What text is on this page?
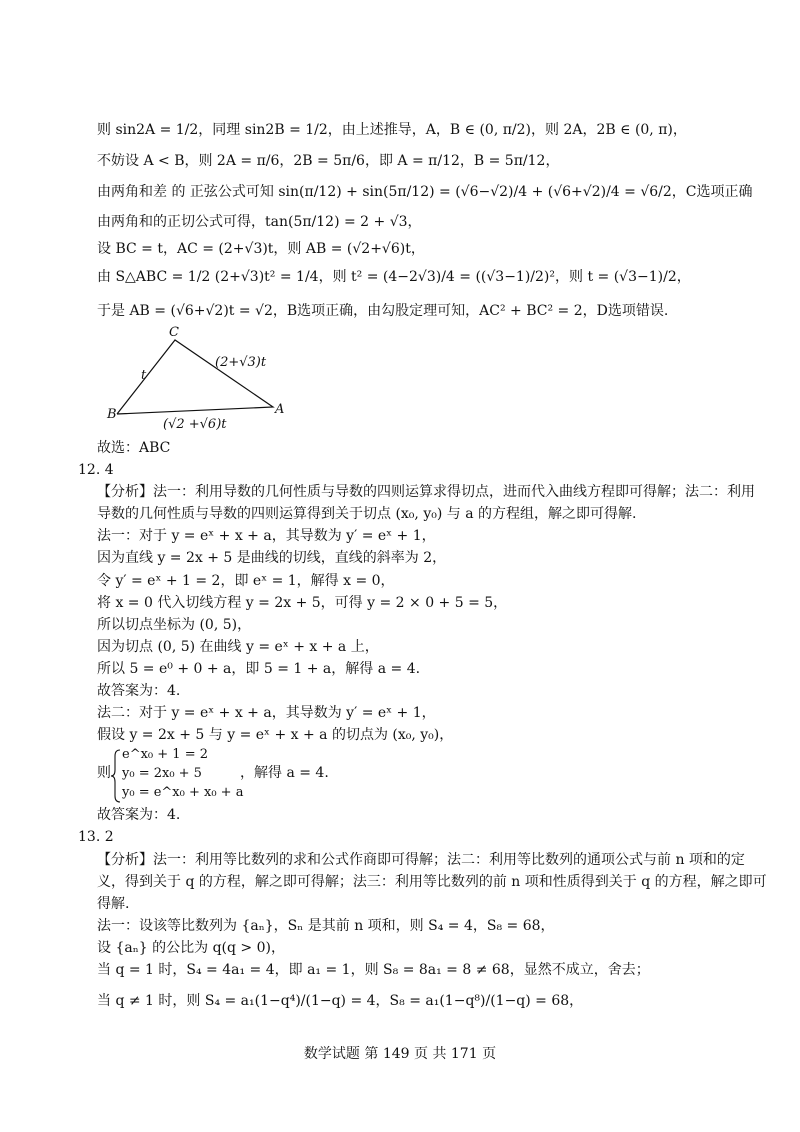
则 sin2A = 1/2，同理 sin2B = 1/2，由上述推导，A，B ∈ (0, π/2)，则 2A，2B ∈ (0, π)，
不妨设 A < B，则 2A = π/6，2B = 5π/6，即 A = π/12，B = 5π/12，
由两角和差 的 正弦公式可知 sin(π/12) + sin(5π/12) = (√6−√2)/4 + (√6+√2)/4 = √6/2，C选项正确
由两角和的正切公式可得，tan(5π/12) = 2 + √3，
设 BC = t，AC = (2+√3)t，则 AB = (√2+√6)t，
由 S△ABC = 1/2 (2+√3)t² = 1/4，则 t² = (4−2√3)/4 = ((√3−1)/2)²，则 t = (√3−1)/2，
于是 AB = (√6+√2)t = √2，B选项正确，由勾股定理可知，AC² + BC² = 2，D选项错误.
C
B	A
t
(2+√3)t
(√2 +√6)t
故选：ABC
12. 4
【分析】法一：利用导数的几何性质与导数的四则运算求得切点，进而代入曲线方程即可得解；法二：利用
导数的几何性质与导数的四则运算得到关于切点 (x₀, y₀) 与 a 的方程组，解之即可得解.
法一：对于 y = eˣ + x + a，其导数为 y′ = eˣ + 1，
因为直线 y = 2x + 5 是曲线的切线，直线的斜率为 2，
令 y′ = eˣ + 1 = 2，即 eˣ = 1，解得 x = 0，
将 x = 0 代入切线方程 y = 2x + 5，可得 y = 2 × 0 + 5 = 5，
所以切点坐标为 (0, 5)，
因为切点 (0, 5) 在曲线 y = eˣ + x + a 上，
所以 5 = e⁰ + 0 + a，即 5 = 1 + a，解得 a = 4.
故答案为：4.
法二：对于 y = eˣ + x + a，其导数为 y′ = eˣ + 1，
假设 y = 2x + 5 与 y = eˣ + x + a 的切点为 (x₀, y₀)，
则
e^x₀ + 1 = 2
y₀ = 2x₀ + 5
y₀ = e^x₀ + x₀ + a
，解得 a = 4.
故答案为：4.
13. 2
【分析】法一：利用等比数列的求和公式作商即可得解；法二：利用等比数列的通项公式与前 n 项和的定
义，得到关于 q 的方程，解之即可得解；法三：利用等比数列的前 n 项和性质得到关于 q 的方程，解之即可
得解.
法一：设该等比数列为 {aₙ}，Sₙ 是其前 n 项和，则 S₄ = 4，S₈ = 68，
设 {aₙ} 的公比为 q(q > 0)，
当 q = 1 时，S₄ = 4a₁ = 4，即 a₁ = 1，则 S₈ = 8a₁ = 8 ≠ 68，显然不成立，舍去；
当 q ≠ 1 时，则 S₄ = a₁(1−q⁴)/(1−q) = 4，S₈ = a₁(1−q⁸)/(1−q) = 68，
数学试题 第 149 页 共 171 页
